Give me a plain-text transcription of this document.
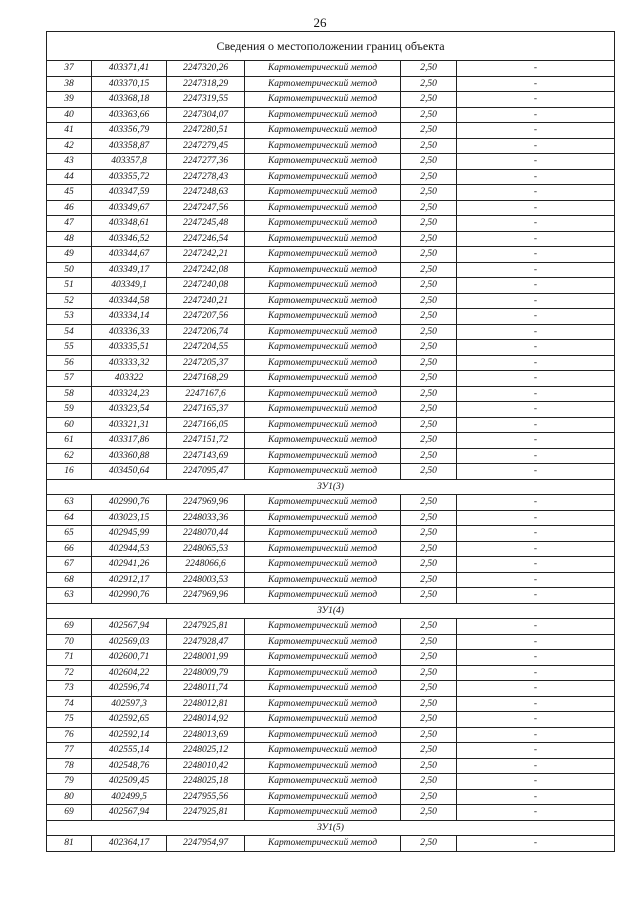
26
Сведения о местоположении границ объекта					
37	403371,41	2247320,26	Картометрический метод	2,50	-
38	403370,15	2247318,29	Картометрический метод	2,50	-
39	403368,18	2247319,55	Картометрический метод	2,50	-
40	403363,66	2247304,07	Картометрический метод	2,50	-
41	403356,79	2247280,51	Картометрический метод	2,50	-
42	403358,87	2247279,45	Картометрический метод	2,50	-
43	403357,8	2247277,36	Картометрический метод	2,50	-
44	403355,72	2247278,43	Картометрический метод	2,50	-
45	403347,59	2247248,63	Картометрический метод	2,50	-
46	403349,67	2247247,56	Картометрический метод	2,50	-
47	403348,61	2247245,48	Картометрический метод	2,50	-
48	403346,52	2247246,54	Картометрический метод	2,50	-
49	403344,67	2247242,21	Картометрический метод	2,50	-
50	403349,17	2247242,08	Картометрический метод	2,50	-
51	403349,1	2247240,08	Картометрический метод	2,50	-
52	403344,58	2247240,21	Картометрический метод	2,50	-
53	403334,14	2247207,56	Картометрический метод	2,50	-
54	403336,33	2247206,74	Картометрический метод	2,50	-
55	403335,51	2247204,55	Картометрический метод	2,50	-
56	403333,32	2247205,37	Картометрический метод	2,50	-
57	403322	2247168,29	Картометрический метод	2,50	-
58	403324,23	2247167,6	Картометрический метод	2,50	-
59	403323,54	2247165,37	Картометрический метод	2,50	-
60	403321,31	2247166,05	Картометрический метод	2,50	-
61	403317,86	2247151,72	Картометрический метод	2,50	-
62	403360,88	2247143,69	Картометрический метод	2,50	-
16	403450,64	2247095,47	Картометрический метод	2,50	-
ЗУ1(3)					
63	402990,76	2247969,96	Картометрический метод	2,50	-
64	403023,15	2248033,36	Картометрический метод	2,50	-
65	402945,99	2248070,44	Картометрический метод	2,50	-
66	402944,53	2248065,53	Картометрический метод	2,50	-
67	402941,26	2248066,6	Картометрический метод	2,50	-
68	402912,17	2248003,53	Картометрический метод	2,50	-
63	402990,76	2247969,96	Картометрический метод	2,50	-
ЗУ1(4)					
69	402567,94	2247925,81	Картометрический метод	2,50	-
70	402569,03	2247928,47	Картометрический метод	2,50	-
71	402600,71	2248001,99	Картометрический метод	2,50	-
72	402604,22	2248009,79	Картометрический метод	2,50	-
73	402596,74	2248011,74	Картометрический метод	2,50	-
74	402597,3	2248012,81	Картометрический метод	2,50	-
75	402592,65	2248014,92	Картометрический метод	2,50	-
76	402592,14	2248013,69	Картометрический метод	2,50	-
77	402555,14	2248025,12	Картометрический метод	2,50	-
78	402548,76	2248010,42	Картометрический метод	2,50	-
79	402509,45	2248025,18	Картометрический метод	2,50	-
80	402499,5	2247955,56	Картометрический метод	2,50	-
69	402567,94	2247925,81	Картометрический метод	2,50	-
ЗУ1(5)					
81	402364,17	2247954,97	Картометрический метод	2,50	-
